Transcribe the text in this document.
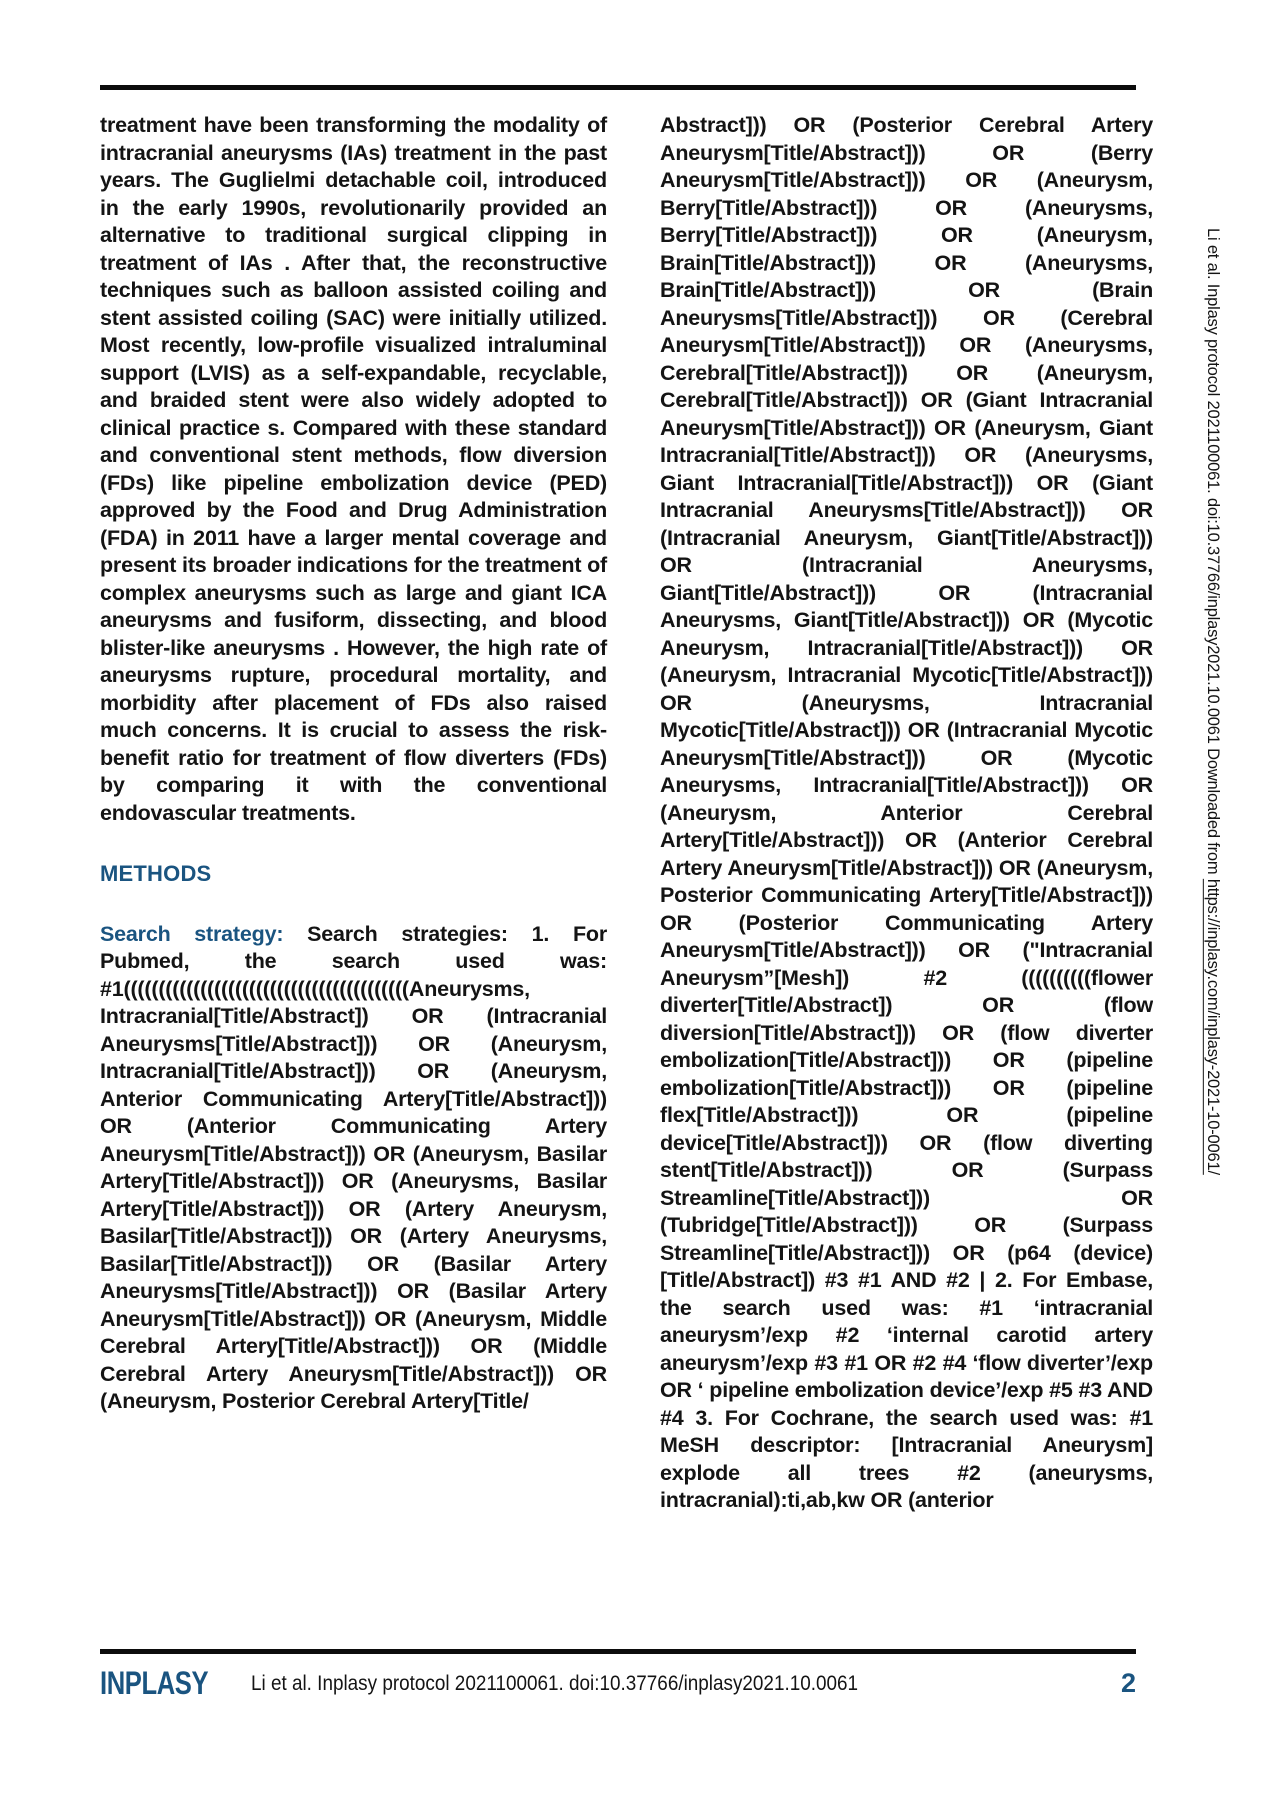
treatment have been transforming the modality of intracranial aneurysms (IAs) treatment in the past years. The Guglielmi detachable coil, introduced in the early 1990s, revolutionarily provided an alternative to traditional surgical clipping in treatment of IAs . After that, the reconstructive techniques such as balloon assisted coiling and stent assisted coiling (SAC) were initially utilized. Most recently, low-profile visualized intraluminal support (LVIS) as a self-expandable, recyclable, and braided stent were also widely adopted to clinical practice s. Compared with these standard and conventional stent methods, flow diversion (FDs) like pipeline embolization device (PED) approved by the Food and Drug Administration (FDA) in 2011 have a larger mental coverage and present its broader indications for the treatment of complex aneurysms such as large and giant ICA aneurysms and fusiform, dissecting, and blood blister-like aneurysms . However, the high rate of aneurysms rupture, procedural mortality, and morbidity after placement of FDs also raised much concerns. It is crucial to assess the risk-benefit ratio for treatment of flow diverters (FDs) by comparing it with the conventional endovascular treatments.

METHODS

Search strategy: Search strategies: 1. For Pubmed, the search used was: #1(((((((((((((((((((((((((((((((((((((((((Aneurysms, Intracranial[Title/Abstract]) OR (Intracranial Aneurysms[Title/Abstract])) OR (Aneurysm, Intracranial[Title/Abstract])) OR (Aneurysm, Anterior Communicating Artery[Title/Abstract])) OR (Anterior Communicating Artery Aneurysm[Title/Abstract])) OR (Aneurysm, Basilar Artery[Title/Abstract])) OR (Aneurysms, Basilar Artery[Title/Abstract])) OR (Artery Aneurysm, Basilar[Title/Abstract])) OR (Artery Aneurysms, Basilar[Title/Abstract])) OR (Basilar Artery Aneurysms[Title/Abstract])) OR (Basilar Artery Aneurysm[Title/Abstract])) OR (Aneurysm, Middle Cerebral Artery[Title/Abstract])) OR (Middle Cerebral Artery Aneurysm[Title/Abstract])) OR (Aneurysm, Posterior Cerebral Artery[Title/

Abstract])) OR (Posterior Cerebral Artery Aneurysm[Title/Abstract])) OR (Berry Aneurysm[Title/Abstract])) OR (Aneurysm, Berry[Title/Abstract])) OR (Aneurysms, Berry[Title/Abstract])) OR (Aneurysm, Brain[Title/Abstract])) OR (Aneurysms, Brain[Title/Abstract])) OR (Brain Aneurysms[Title/Abstract])) OR (Cerebral Aneurysm[Title/Abstract])) OR (Aneurysms, Cerebral[Title/Abstract])) OR (Aneurysm, Cerebral[Title/Abstract])) OR (Giant Intracranial Aneurysm[Title/Abstract])) OR (Aneurysm, Giant Intracranial[Title/Abstract])) OR (Aneurysms, Giant Intracranial[Title/Abstract])) OR (Giant Intracranial Aneurysms[Title/Abstract])) OR (Intracranial Aneurysm, Giant[Title/Abstract])) OR (Intracranial Aneurysms, Giant[Title/Abstract])) OR (Intracranial Aneurysms, Giant[Title/Abstract])) OR (Mycotic Aneurysm, Intracranial[Title/Abstract])) OR (Aneurysm, Intracranial Mycotic[Title/Abstract])) OR (Aneurysms, Intracranial Mycotic[Title/Abstract])) OR (Intracranial Mycotic Aneurysm[Title/Abstract])) OR (Mycotic Aneurysms, Intracranial[Title/Abstract])) OR (Aneurysm, Anterior Cerebral Artery[Title/Abstract])) OR (Anterior Cerebral Artery Aneurysm[Title/Abstract])) OR (Aneurysm, Posterior Communicating Artery[Title/Abstract])) OR (Posterior Communicating Artery Aneurysm[Title/Abstract])) OR ("Intracranial Aneurysm”[Mesh]) #2 ((((((((((flower diverter[Title/Abstract]) OR (flow diversion[Title/Abstract])) OR (flow diverter embolization[Title/Abstract])) OR (pipeline embolization[Title/Abstract])) OR (pipeline flex[Title/Abstract])) OR (pipeline device[Title/Abstract])) OR (flow diverting stent[Title/Abstract])) OR (Surpass Streamline[Title/Abstract])) OR (Tubridge[Title/Abstract])) OR (Surpass Streamline[Title/Abstract])) OR (p64 (device)[Title/Abstract]) #3 #1 AND #2 | 2. For Embase, the search used was: #1 ‘intracranial aneurysm’/exp #2 ‘internal carotid artery aneurysm’/exp #3 #1 OR #2 #4 ‘flow diverter’/exp OR ‘ pipeline embolization device’/exp #5 #3 AND #4 3. For Cochrane, the search used was: #1 MeSH descriptor: [Intracranial Aneurysm] explode all trees #2 (aneurysms, intracranial):ti,ab,kw OR (anterior

Li et al. Inplasy protocol 2021100061. doi:10.37766/inplasy2021.10.0061 Downloaded from https://inplasy.com/inplasy-2021-10-0061/
INPLASY Li et al. Inplasy protocol 2021100061. doi:10.37766/inplasy2021.10.0061	2
